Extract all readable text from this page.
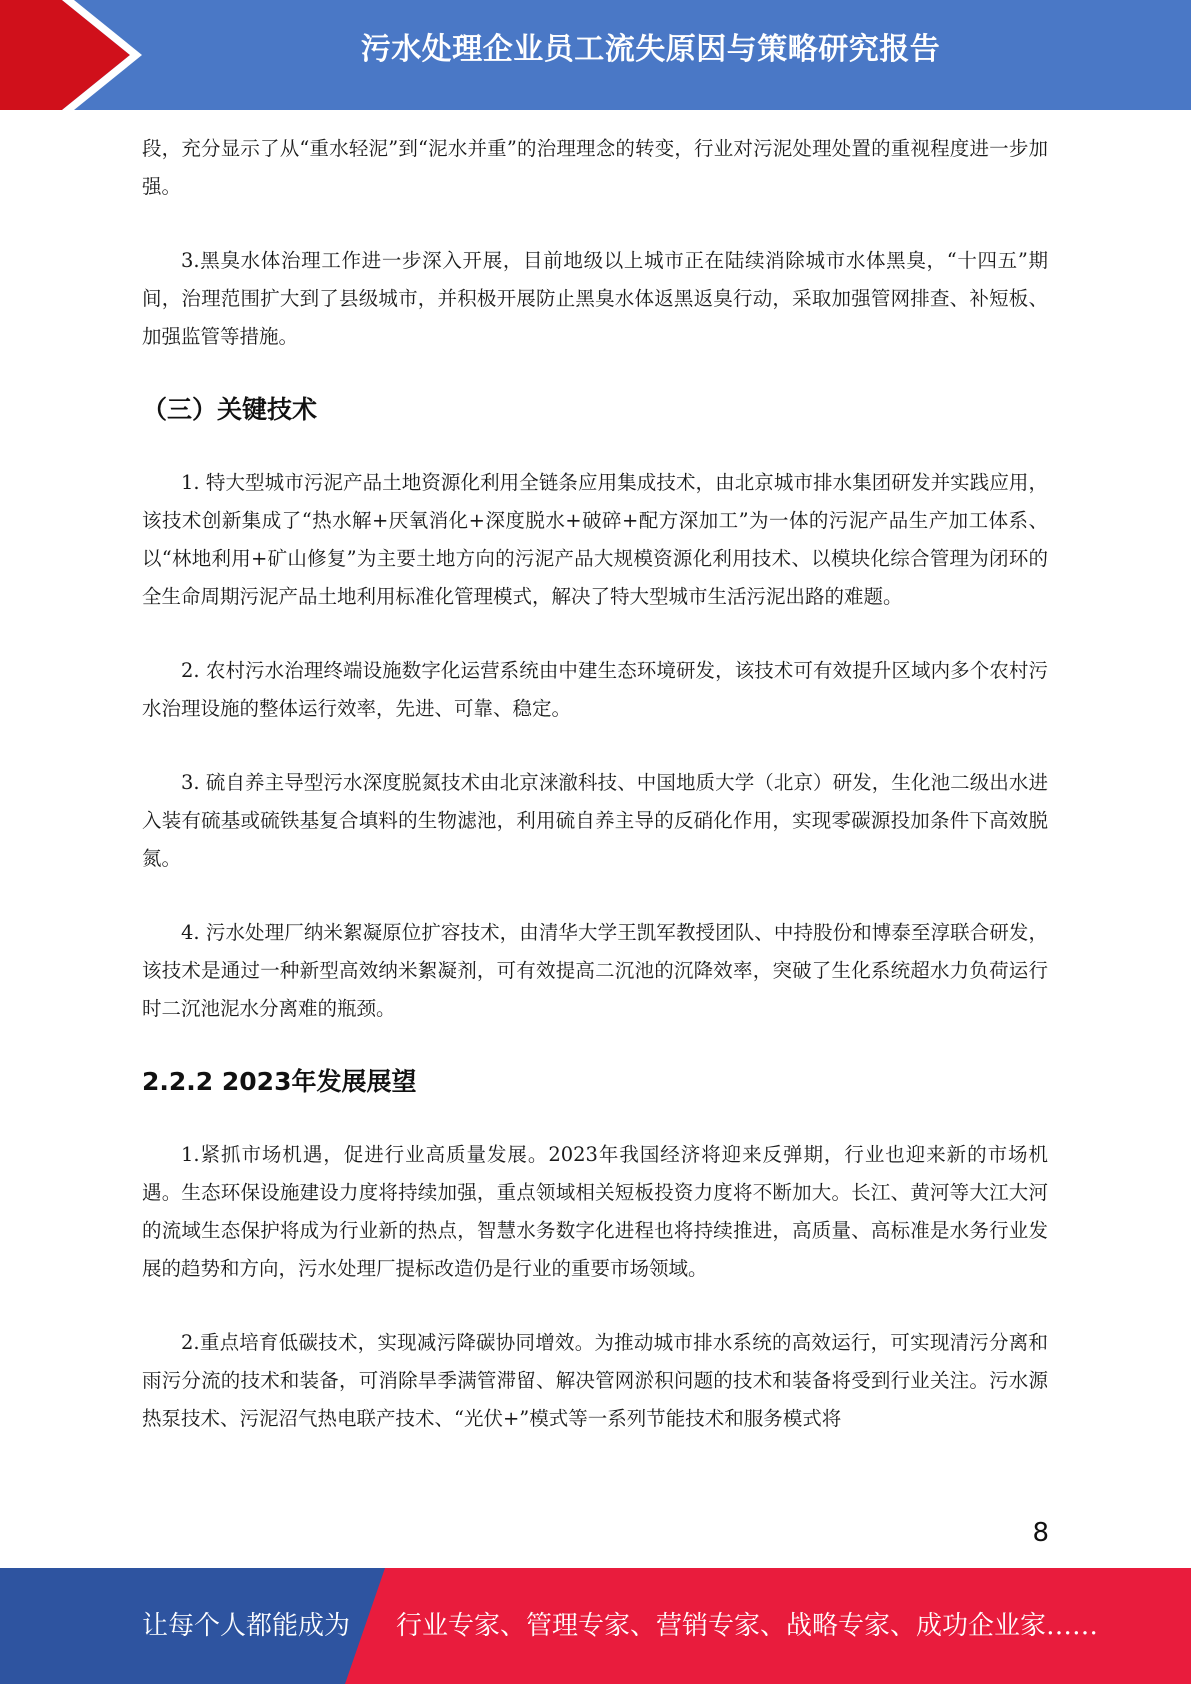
污水处理企业员工流失原因与策略研究报告

段，充分显示了从“重水轻泥”到“泥水并重”的治理理念的转变，行业对污泥处理处置的重视程度进一步加强。

3.黑臭水体治理工作进一步深入开展，目前地级以上城市正在陆续消除城市水体黑臭，“十四五”期间，治理范围扩大到了县级城市，并积极开展防止黑臭水体返黑返臭行动，采取加强管网排查、补短板、加强监管等措施。

（三）关键技术

1. 特大型城市污泥产品土地资源化利用全链条应用集成技术，由北京城市排水集团研发并实践应用，该技术创新集成了“热水解+厌氧消化+深度脱水+破碎+配方深加工”为一体的污泥产品生产加工体系、以“林地利用+矿山修复”为主要土地方向的污泥产品大规模资源化利用技术、以模块化综合管理为闭环的全生命周期污泥产品土地利用标准化管理模式，解决了特大型城市生活污泥出路的难题。

2. 农村污水治理终端设施数字化运营系统由中建生态环境研发，该技术可有效提升区域内多个农村污水治理设施的整体运行效率，先进、可靠、稳定。

3. 硫自养主导型污水深度脱氮技术由北京涞澈科技、中国地质大学（北京）研发，生化池二级出水进入装有硫基或硫铁基复合填料的生物滤池，利用硫自养主导的反硝化作用，实现零碳源投加条件下高效脱氮。

4. 污水处理厂纳米絮凝原位扩容技术，由清华大学王凯军教授团队、中持股份和博泰至淳联合研发，该技术是通过一种新型高效纳米絮凝剂，可有效提高二沉池的沉降效率，突破了生化系统超水力负荷运行时二沉池泥水分离难的瓶颈。

2.2.2 2023年发展展望

1.紧抓市场机遇，促进行业高质量发展。2023年我国经济将迎来反弹期，行业也迎来新的市场机遇。生态环保设施建设力度将持续加强，重点领域相关短板投资力度将不断加大。长江、黄河等大江大河的流域生态保护将成为行业新的热点，智慧水务数字化进程也将持续推进，高质量、高标准是水务行业发展的趋势和方向，污水处理厂提标改造仍是行业的重要市场领域。

2.重点培育低碳技术，实现减污降碳协同增效。为推动城市排水系统的高效运行，可实现清污分离和雨污分流的技术和装备，可消除旱季满管滞留、解决管网淤积问题的技术和装备将受到行业关注。污水源热泵技术、污泥沼气热电联产技术、“光伏+”模式等一系列节能技术和服务模式将

8
让每个人都能成为 行业专家、管理专家、营销专家、战略专家、成功企业家……
